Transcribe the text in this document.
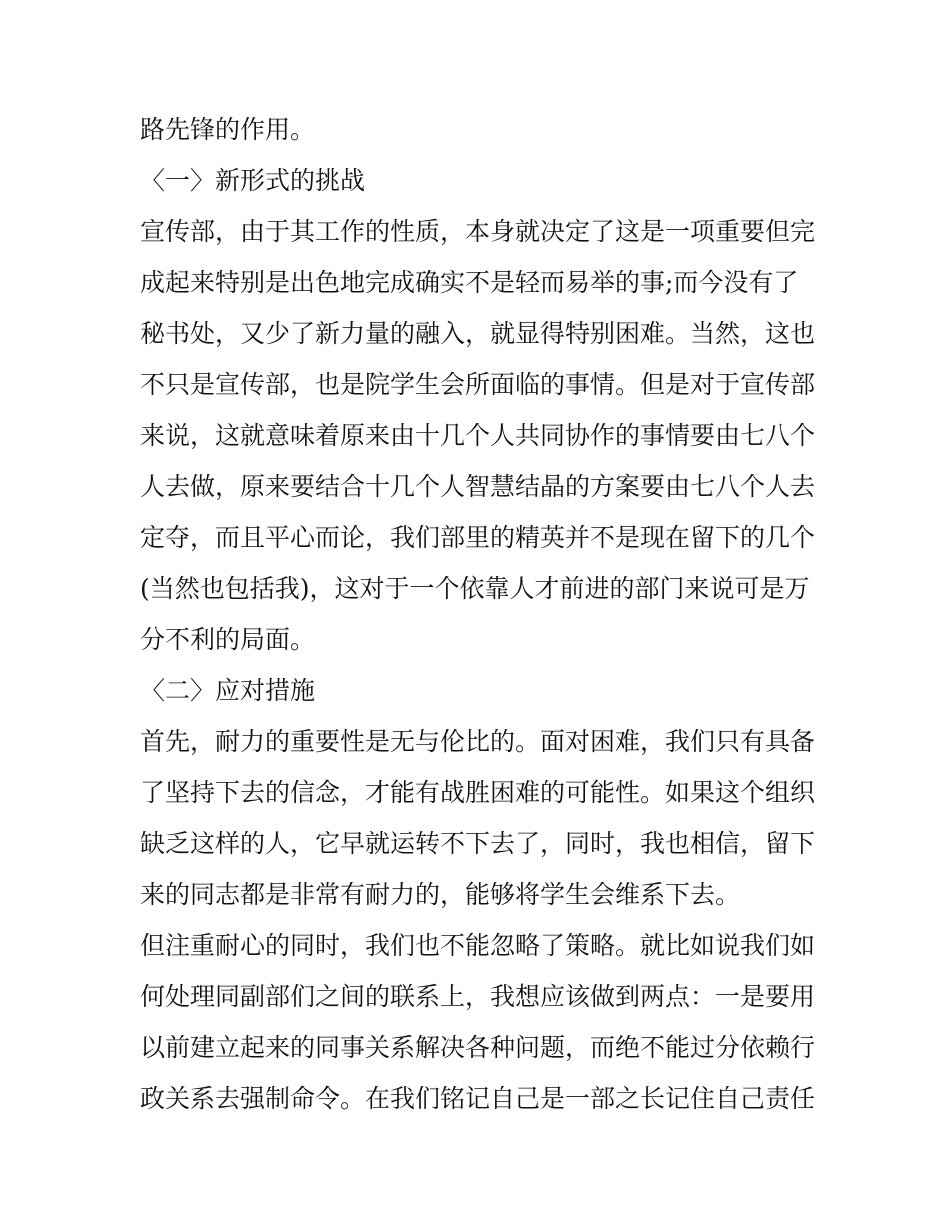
路先锋的作用。
〈一〉新形式的挑战
宣传部，由于其工作的性质，本身就决定了这是一项重要但完
成起来特别是出色地完成确实不是轻而易举的事;而今没有了
秘书处，又少了新力量的融入，就显得特别困难。当然，这也
不只是宣传部，也是院学生会所面临的事情。但是对于宣传部
来说，这就意味着原来由十几个人共同协作的事情要由七八个
人去做，原来要结合十几个人智慧结晶的方案要由七八个人去
定夺，而且平心而论，我们部里的精英并不是现在留下的几个
(当然也包括我)，这对于一个依靠人才前进的部门来说可是万
分不利的局面。
〈二〉应对措施
首先，耐力的重要性是无与伦比的。面对困难，我们只有具备
了坚持下去的信念，才能有战胜困难的可能性。如果这个组织
缺乏这样的人，它早就运转不下去了，同时，我也相信，留下
来的同志都是非常有耐力的，能够将学生会维系下去。
但注重耐心的同时，我们也不能忽略了策略。就比如说我们如
何处理同副部们之间的联系上，我想应该做到两点：一是要用
以前建立起来的同事关系解决各种问题，而绝不能过分依赖行
政关系去强制命令。在我们铭记自己是一部之长记住自己责任
